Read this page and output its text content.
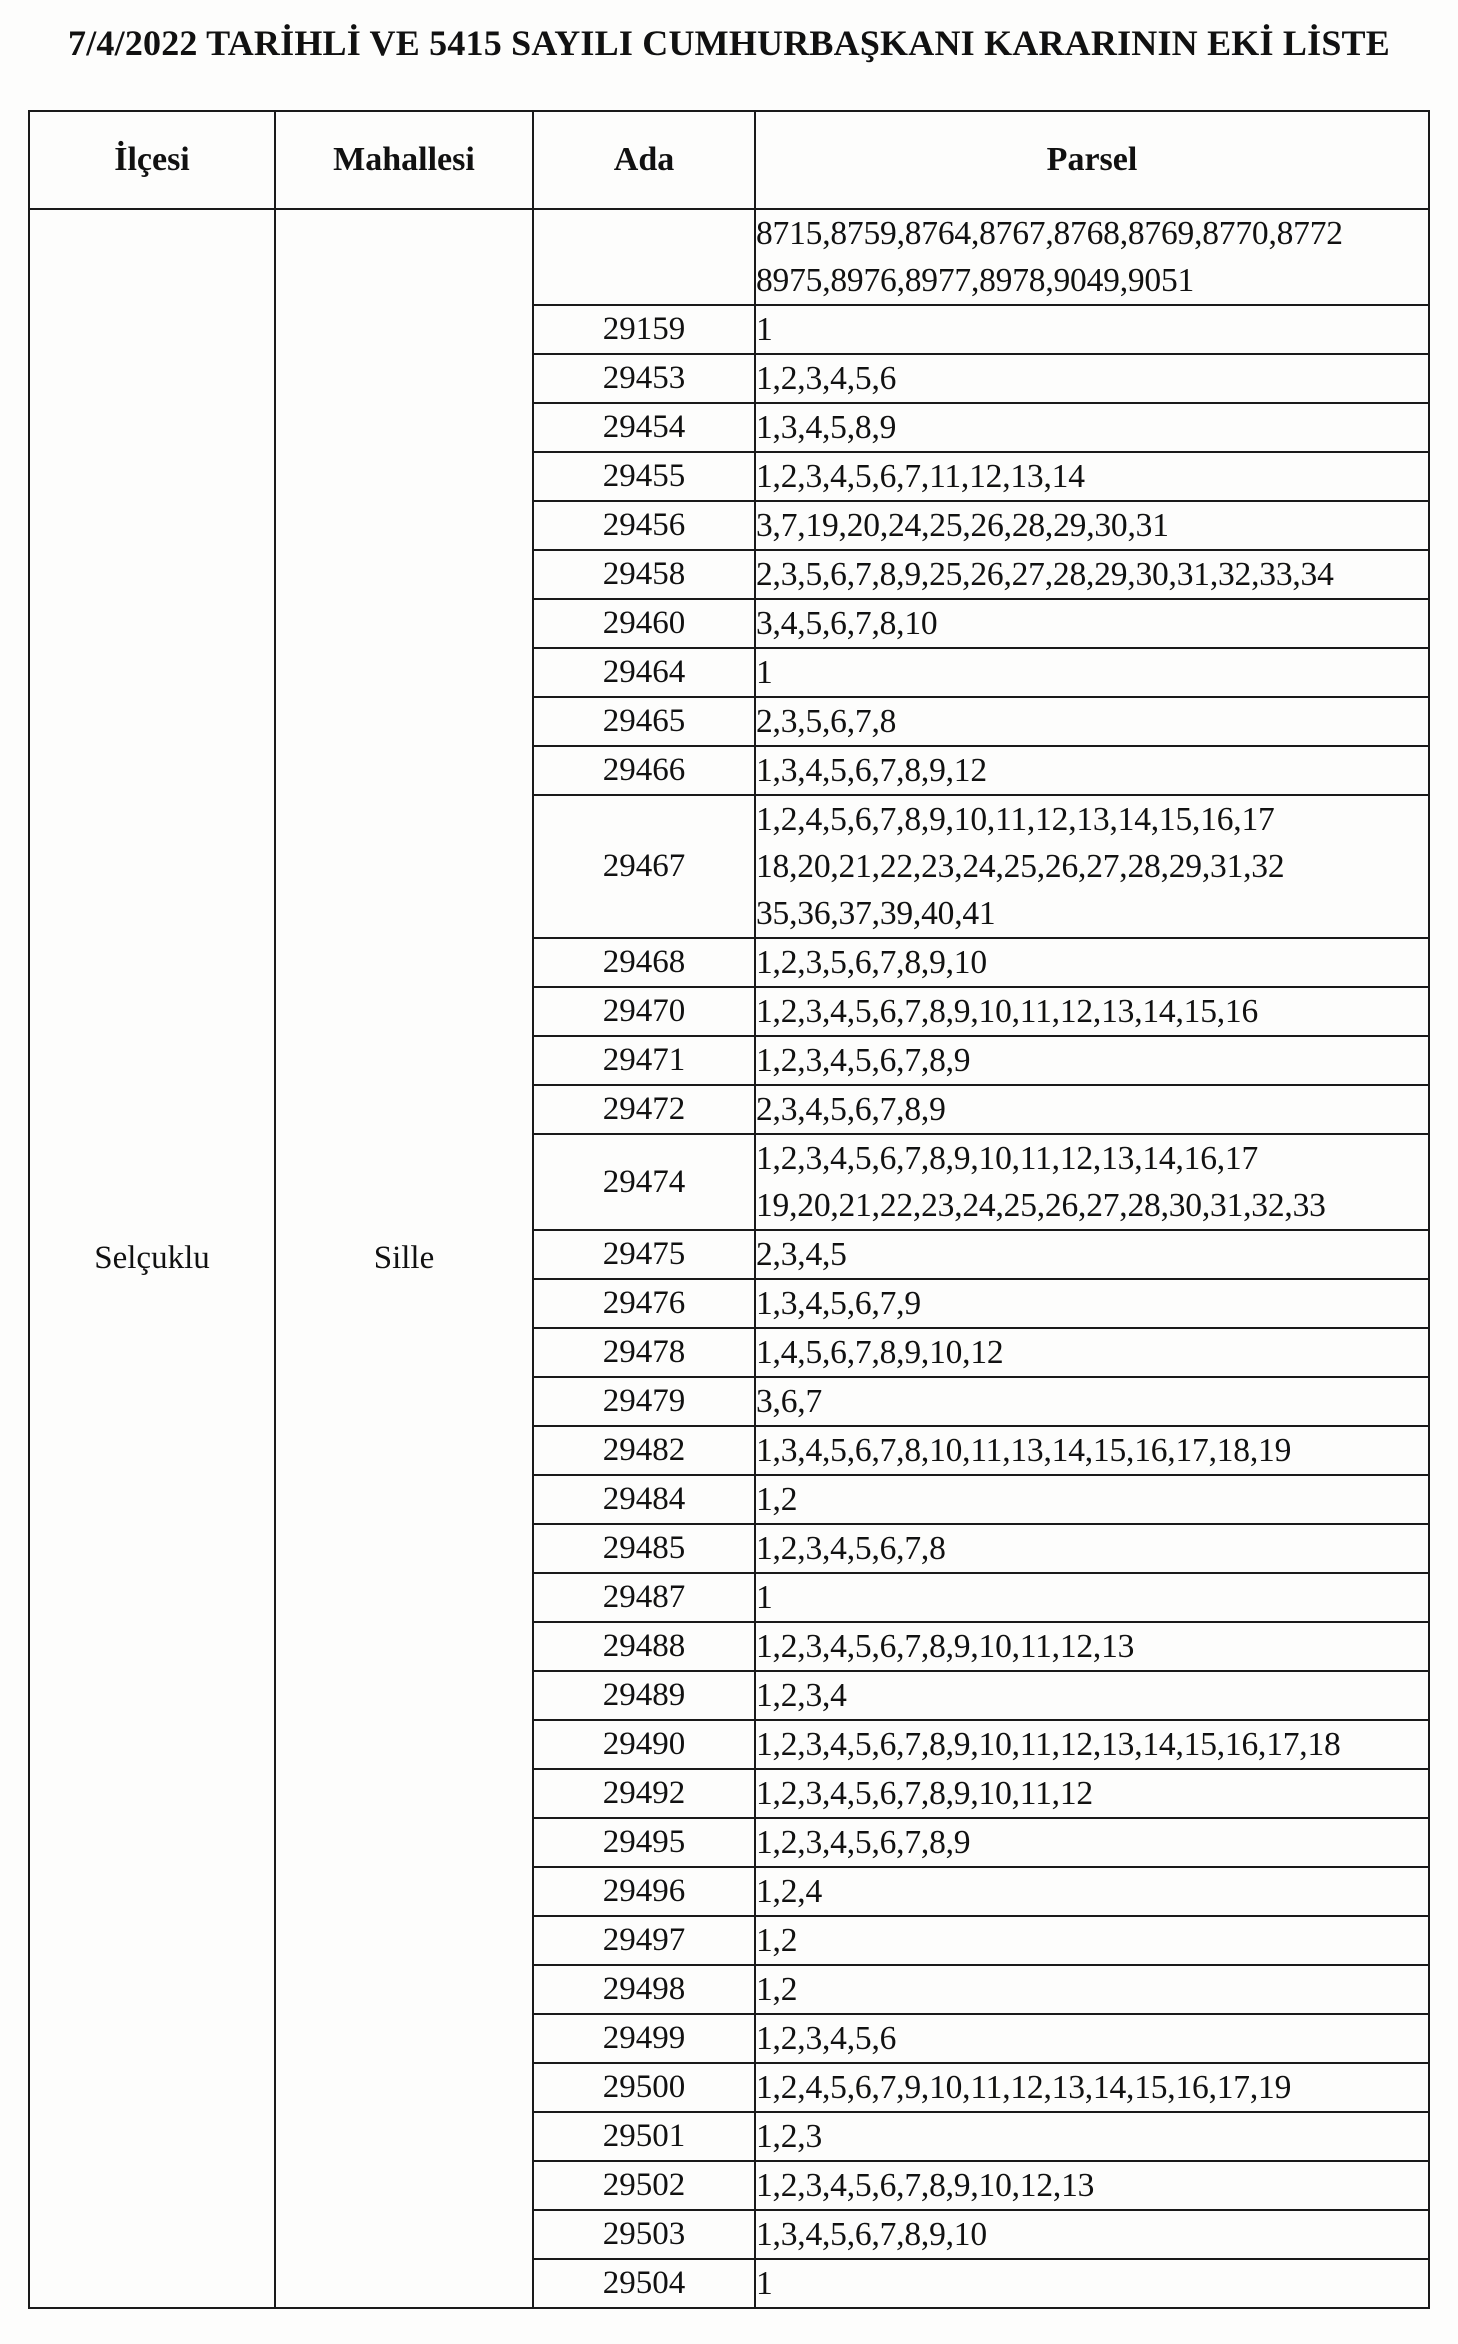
7/4/2022 TARİHLİ VE 5415 SAYILI CUMHURBAŞKANI KARARININ EKİ LİSTE
İlçesi	Mahallesi	Ada	Parsel
Selçuklu	Sille		8715,8759,8764,8767,8768,8769,8770,8772
8975,8976,8977,8978,9049,9051
		29159	1
		29453	1,2,3,4,5,6
		29454	1,3,4,5,8,9
		29455	1,2,3,4,5,6,7,11,12,13,14
		29456	3,7,19,20,24,25,26,28,29,30,31
		29458	2,3,5,6,7,8,9,25,26,27,28,29,30,31,32,33,34
		29460	3,4,5,6,7,8,10
		29464	1
		29465	2,3,5,6,7,8
		29466	1,3,4,5,6,7,8,9,12
		29467	1,2,4,5,6,7,8,9,10,11,12,13,14,15,16,17
18,20,21,22,23,24,25,26,27,28,29,31,32
35,36,37,39,40,41
		29468	1,2,3,5,6,7,8,9,10
		29470	1,2,3,4,5,6,7,8,9,10,11,12,13,14,15,16
		29471	1,2,3,4,5,6,7,8,9
		29472	2,3,4,5,6,7,8,9
		29474	1,2,3,4,5,6,7,8,9,10,11,12,13,14,16,17
19,20,21,22,23,24,25,26,27,28,30,31,32,33
		29475	2,3,4,5
		29476	1,3,4,5,6,7,9
		29478	1,4,5,6,7,8,9,10,12
		29479	3,6,7
		29482	1,3,4,5,6,7,8,10,11,13,14,15,16,17,18,19
		29484	1,2
		29485	1,2,3,4,5,6,7,8
		29487	1
		29488	1,2,3,4,5,6,7,8,9,10,11,12,13
		29489	1,2,3,4
		29490	1,2,3,4,5,6,7,8,9,10,11,12,13,14,15,16,17,18
		29492	1,2,3,4,5,6,7,8,9,10,11,12
		29495	1,2,3,4,5,6,7,8,9
		29496	1,2,4
		29497	1,2
		29498	1,2
		29499	1,2,3,4,5,6
		29500	1,2,4,5,6,7,9,10,11,12,13,14,15,16,17,19
		29501	1,2,3
		29502	1,2,3,4,5,6,7,8,9,10,12,13
		29503	1,3,4,5,6,7,8,9,10
		29504	1
